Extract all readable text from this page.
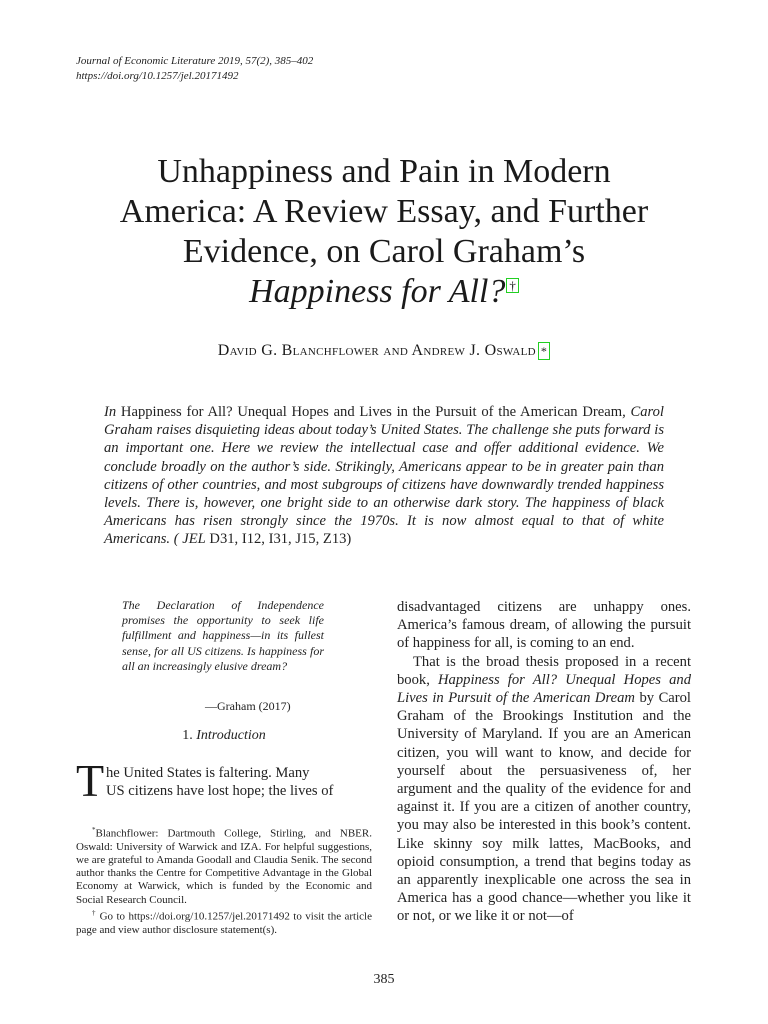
Journal of Economic Literature 2019, 57(2), 385–402
https://doi.org/10.1257/jel.20171492
Unhappiness and Pain in Modern
America: A Review Essay, and Further
Evidence, on Carol Graham’s
Happiness for All? †
David G. Blanchflower and Andrew J. Oswald *
In Happiness for All? Unequal Hopes and Lives in the Pursuit of the American Dream, Carol Graham raises disquieting ideas about today’s United States. The challenge she puts forward is an important one. Here we review the intellectual case and offer additional evidence. We conclude broadly on the author’s side. Strikingly, Americans appear to be in greater pain than citizens of other countries, and most subgroups of citizens have downwardly trended happiness levels. There is, however, one bright side to an otherwise dark story. The happiness of black Americans has risen strongly since the 1970s. It is now almost equal to that of white Americans. ( JEL D31, I12, I31, J15, Z13)
The Declaration of Independence promises the opportunity to seek life fulfillment and happiness—in its fullest sense, for all US citizens. Is happiness for all an increasingly elusive dream?
—Graham (2017)
1. Introduction
T he United States is faltering. Many
US citizens have lost hope; the lives of

*Blanchflower: Dartmouth College, Stirling, and NBER. Oswald: University of Warwick and IZA. For helpful suggestions, we are grateful to Amanda Goodall and Claudia Senik. The second author thanks the Centre for Competitive Advantage in the Global Economy at Warwick, which is funded by the Economic and Social Research Council.

† Go to https://doi.org/10.1257/jel.20171492 to visit the article page and view author disclosure statement(s).

disadvantaged citizens are unhappy ones. America’s famous dream, of allowing the pursuit of happiness for all, is coming to an end.

That is the broad thesis proposed in a recent book, Happiness for All? Unequal Hopes and Lives in Pursuit of the American Dream by Carol Graham of the Brookings Institution and the University of Maryland. If you are an American citizen, you will want to know, and decide for yourself about the persuasiveness of, her argument and the quality of the evidence for and against it. If you are a citizen of another country, you may also be interested in this book’s content. Like skinny soy milk lattes, MacBooks, and opioid consumption, a trend that begins today as an apparently inexplicable one across the sea in America has a good chance—whether you like it or not, or we like it or not—of

385
